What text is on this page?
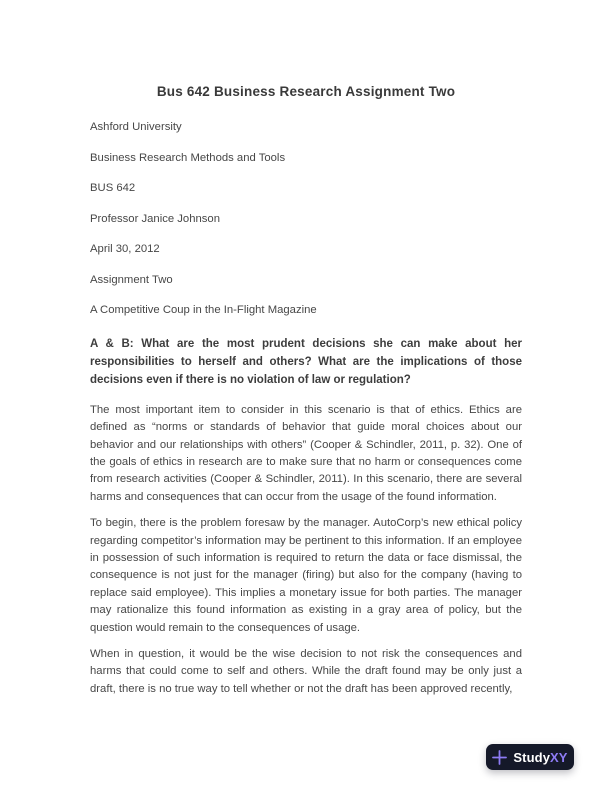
Bus 642 Business Research Assignment Two

Ashford University

Business Research Methods and Tools

BUS 642

Professor Janice Johnson

April 30, 2012

Assignment Two

A Competitive Coup in the In-Flight Magazine

A & B: What are the most prudent decisions she can make about her responsibilities to herself and others? What are the implications of those decisions even if there is no violation of law or regulation?

The most important item to consider in this scenario is that of ethics. Ethics are defined as “norms or standards of behavior that guide moral choices about our behavior and our relationships with others” (Cooper & Schindler, 2011, p. 32). One of the goals of ethics in research are to make sure that no harm or consequences come from research activities (Cooper & Schindler, 2011). In this scenario, there are several harms and consequences that can occur from the usage of the found information.

To begin, there is the problem foresaw by the manager. AutoCorp’s new ethical policy regarding competitor’s information may be pertinent to this information. If an employee in possession of such information is required to return the data or face dismissal, the consequence is not just for the manager (firing) but also for the company (having to replace said employee). This implies a monetary issue for both parties. The manager may rationalize this found information as existing in a gray area of policy, but the question would remain to the consequences of usage.

When in question, it would be the wise decision to not risk the consequences and harms that could come to self and others. While the draft found may be only just a draft, there is no true way to tell whether or not the draft has been approved recently,

StudyXY
